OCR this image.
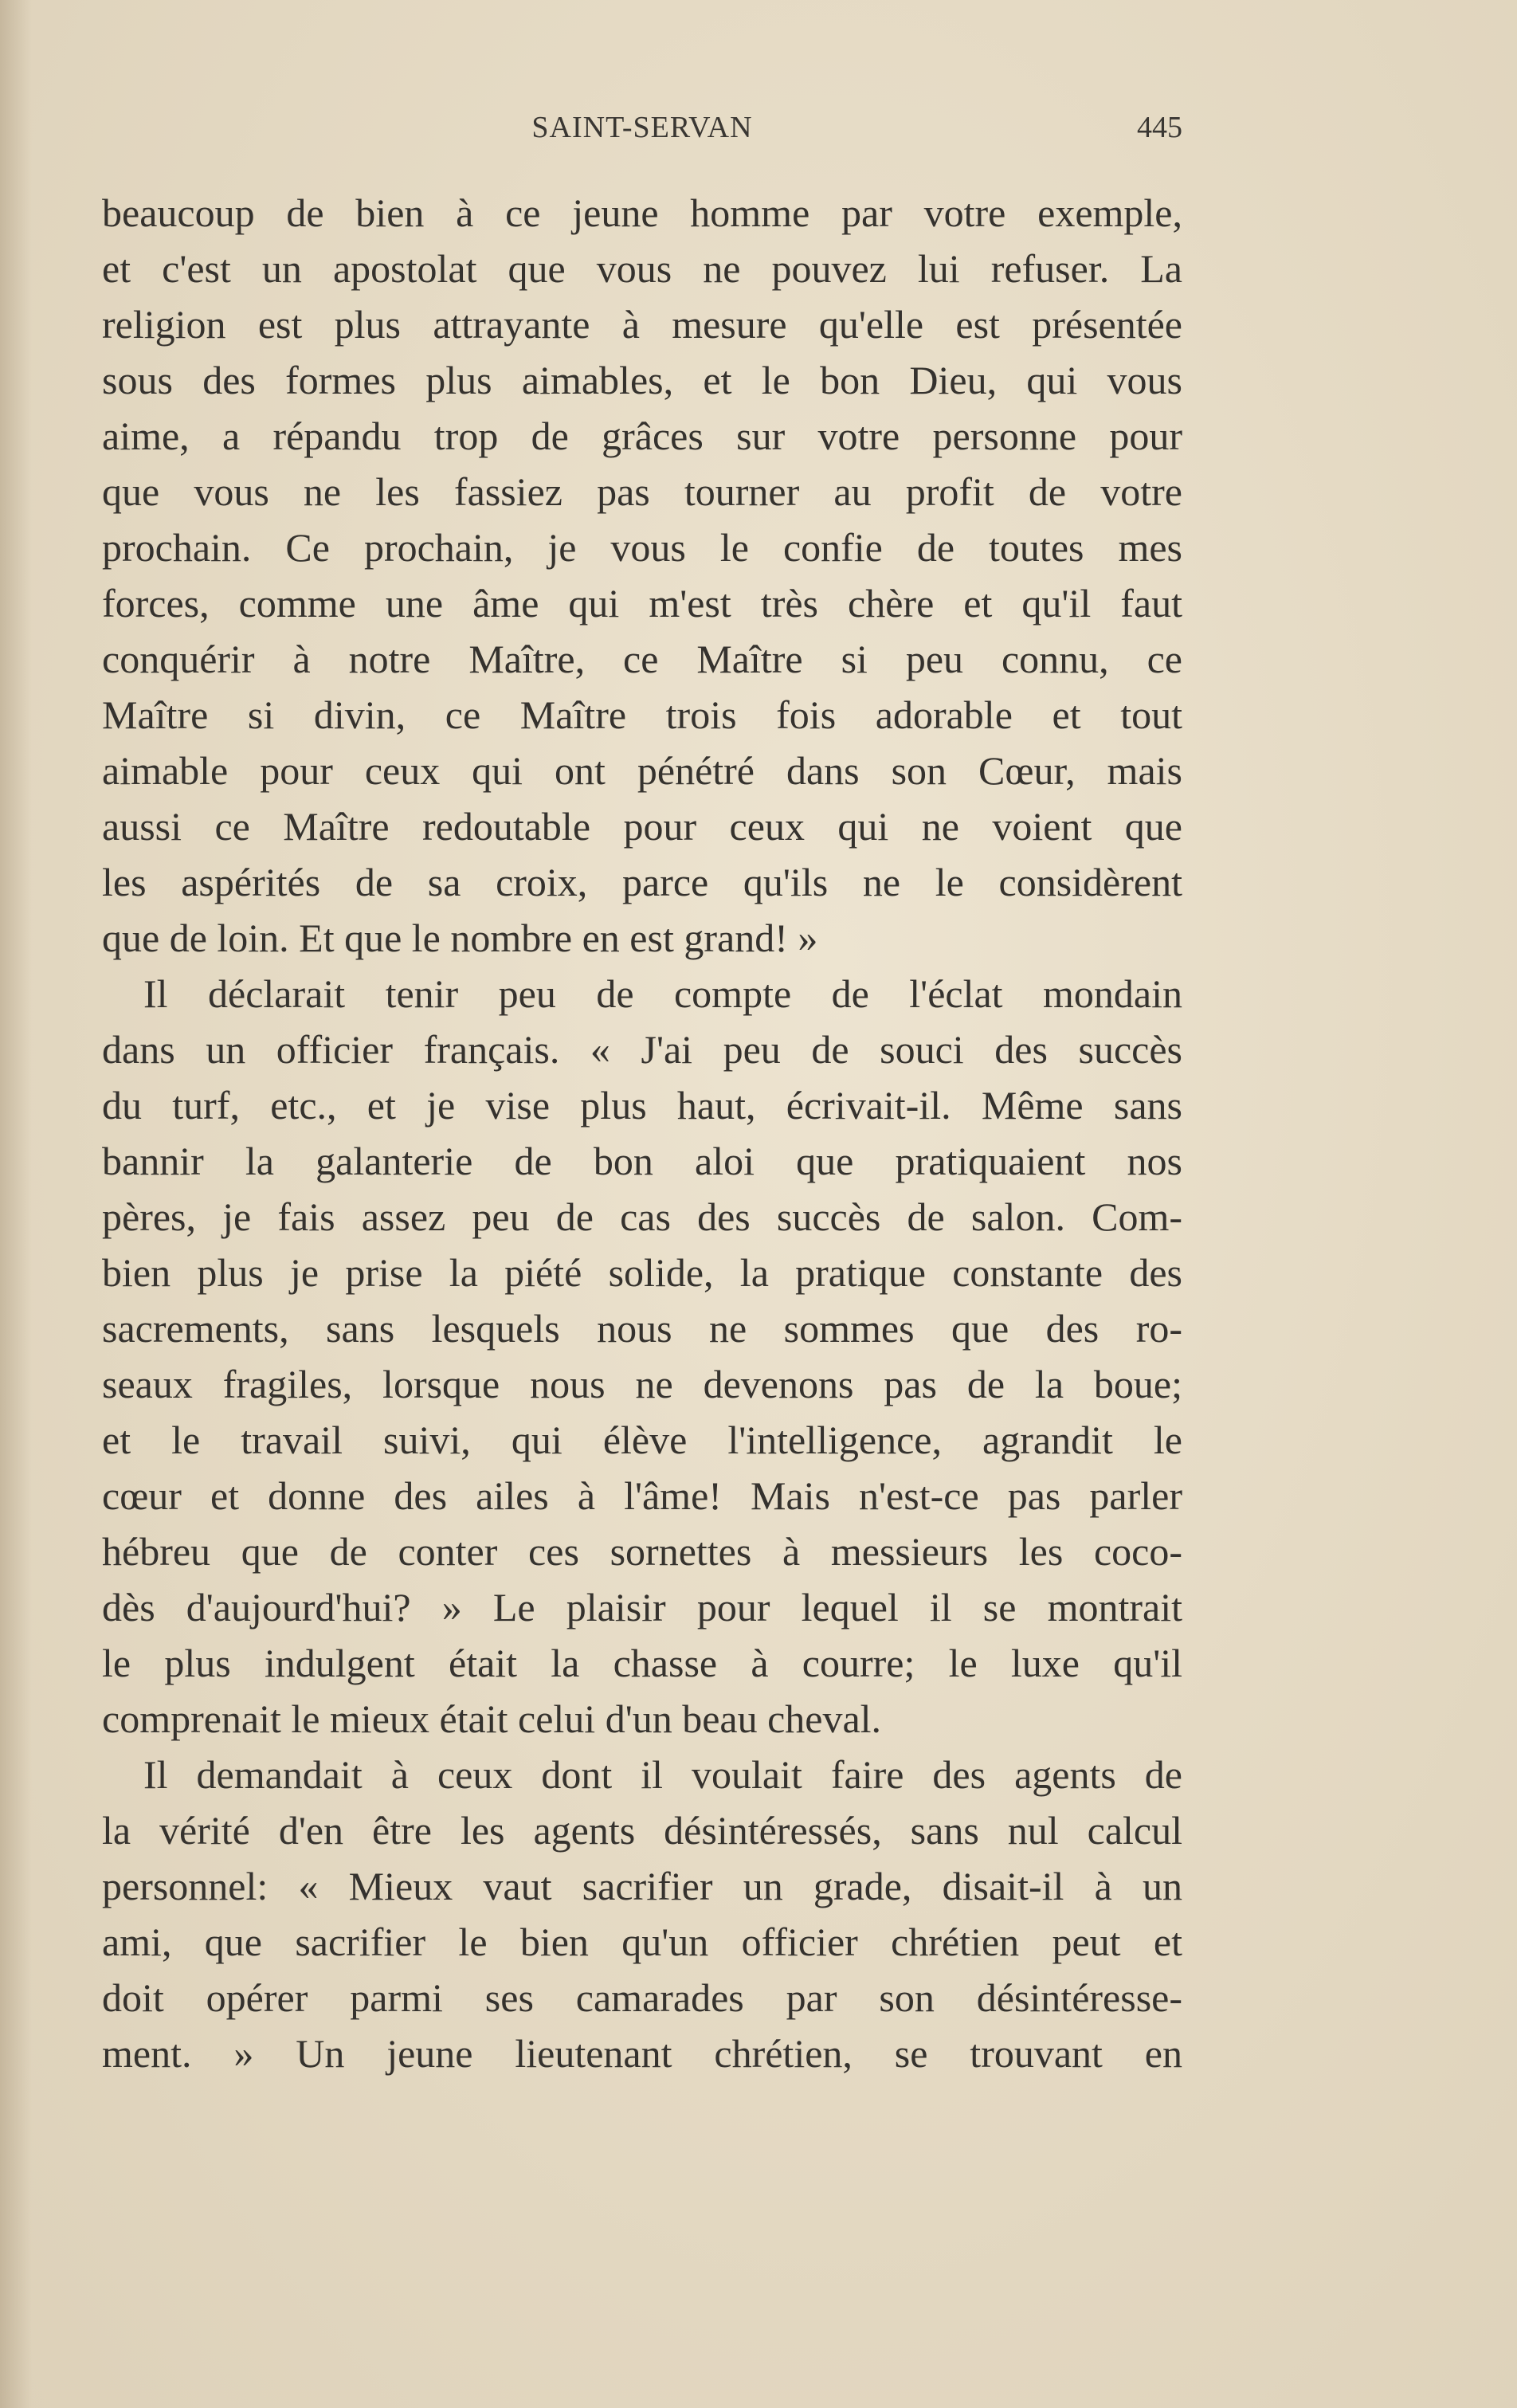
SAINT-SERVAN	445
beaucoup de bien à ce jeune homme par votre exemple,
et c'est un apostolat que vous ne pouvez lui refuser. La
religion est plus attrayante à mesure qu'elle est présentée
sous des formes plus aimables, et le bon Dieu, qui vous
aime, a répandu trop de grâces sur votre personne pour
que vous ne les fassiez pas tourner au profit de votre
prochain. Ce prochain, je vous le confie de toutes mes
forces, comme une âme qui m'est très chère et qu'il faut
conquérir à notre Maître, ce Maître si peu connu, ce
Maître si divin, ce Maître trois fois adorable et tout
aimable pour ceux qui ont pénétré dans son Cœur, mais
aussi ce Maître redoutable pour ceux qui ne voient que
les aspérités de sa croix, parce qu'ils ne le considèrent
que de loin. Et que le nombre en est grand! »
Il déclarait tenir peu de compte de l'éclat mondain
dans un officier français. « J'ai peu de souci des succès
du turf, etc., et je vise plus haut, écrivait-il. Même sans
bannir la galanterie de bon aloi que pratiquaient nos
pères, je fais assez peu de cas des succès de salon. Com-
bien plus je prise la piété solide, la pratique constante des
sacrements, sans lesquels nous ne sommes que des ro-
seaux fragiles, lorsque nous ne devenons pas de la boue;
et le travail suivi, qui élève l'intelligence, agrandit le
cœur et donne des ailes à l'âme! Mais n'est-ce pas parler
hébreu que de conter ces sornettes à messieurs les coco-
dès d'aujourd'hui? » Le plaisir pour lequel il se montrait
le plus indulgent était la chasse à courre; le luxe qu'il
comprenait le mieux était celui d'un beau cheval.
Il demandait à ceux dont il voulait faire des agents de
la vérité d'en être les agents désintéressés, sans nul calcul
personnel: « Mieux vaut sacrifier un grade, disait-il à un
ami, que sacrifier le bien qu'un officier chrétien peut et
doit opérer parmi ses camarades par son désintéresse-
ment. » Un jeune lieutenant chrétien, se trouvant en
